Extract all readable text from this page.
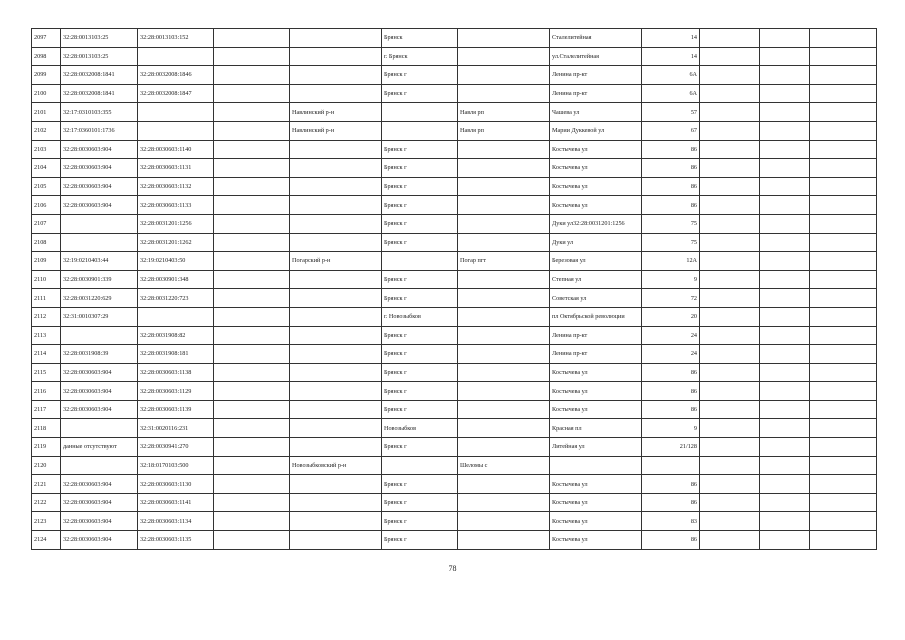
2097	32:28:0013103:25	32:28:0013103:152			Брянск		Сталелитейная	14			
2098	32:28:0013103:25				г. Брянск		ул.Сталелитейная	14			
2099	32:28:0032008:1841	32:28:0032008:1846			Брянск г		Ленина пр-кт	6А			
2100	32:28:0032008:1841	32:28:0032008:1847			Брянск г		Ленина пр-кт	6А			
2101	32:17:0310103:355			Навлинский р-н		Навля рп	Чашева ул	57			
2102	32:17:0360101:1736			Навлинский р-н		Навля рп	Марии Дуккевой ул	67			
2103	32:28:0030603:904	32:28:0030603:1140			Брянск г		Костычева ул	86			
2104	32:28:0030603:904	32:28:0030603:1131			Брянск г		Костычева ул	86			
2105	32:28:0030603:904	32:28:0030603:1132			Брянск г		Костычева ул	86			
2106	32:28:0030603:904	32:28:0030603:1133			Брянск г		Костычева ул	86			
2107		32:28:0031201:1256			Брянск г		Дуки ул32:28:0031201:1256	75			
2108		32:28:0031201:1262			Брянск г		Дуки ул	75			
2109	32:19:0210403:44	32:19:0210403:50		Погарский р-н		Погар пгт	Березовая ул	12А			
2110	32:28:0030901:339	32:28:0030901:348			Брянск г		Степная ул	9			
2111	32:28:0031220:629	32:28:0031220:723			Брянск г		Советская ул	72			
2112	32:31:0010307:29				г. Новозыбков		пл Октябрьской революции	20			
2113		32:28:0031908:82			Брянск г		Ленина пр-кт	24			
2114	32:28:0031908:39	32:28:0031908:181			Брянск г		Ленина пр-кт	24			
2115	32:28:0030603:904	32:28:0030603:1138			Брянск г		Костычева ул	86			
2116	32:28:0030603:904	32:28:0030603:1129			Брянск г		Костычева ул	86			
2117	32:28:0030603:904	32:28:0030603:1139			Брянск г		Костычева ул	86			
2118		32:31:0020116:231			Новозыбков		Красная пл	9			
2119	данные отсутствуют	32:28:0030941:270			Брянск г		Литейная ул	21/128			
2120		32:18:0170103:500		Новозыбковский р-н		Шеломы с					
2121	32:28:0030603:904	32:28:0030603:1130			Брянск г		Костычева ул	86			
2122	32:28:0030603:904	32:28:0030603:1141			Брянск г		Костычева ул	86			
2123	32:28:0030603:904	32:28:0030603:1134			Брянск г		Костычева ул	83			
2124	32:28:0030603:904	32:28:0030603:1135			Брянск г		Костычева ул	86			
78
